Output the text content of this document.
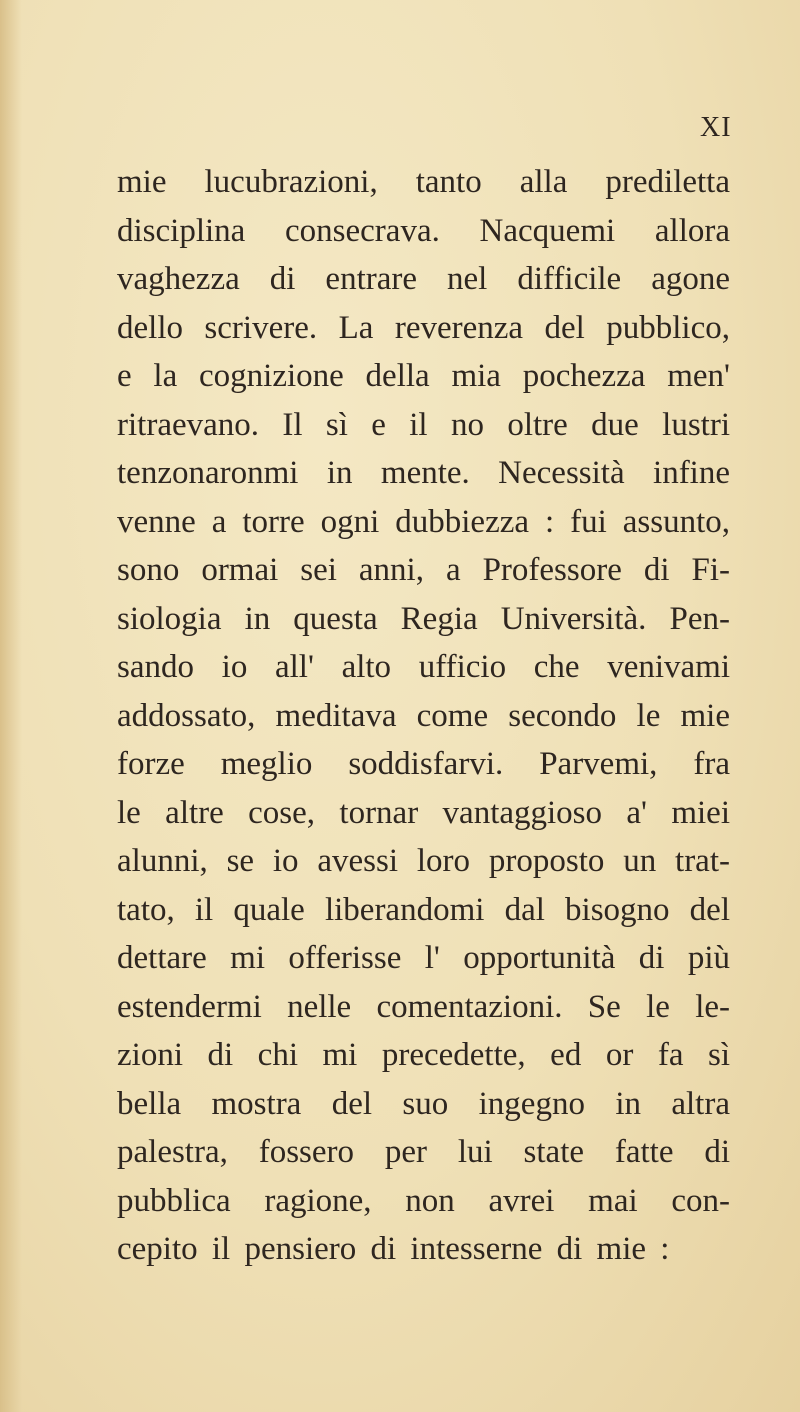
XI
mie lucubrazioni, tanto alla prediletta
disciplina consecrava. Nacquemi allora
vaghezza di entrare nel difficile agone
dello scrivere. La reverenza del pubblico,
e la cognizione della mia pochezza men'
ritraevano. Il sì e il no oltre due lustri
tenzonaronmi in mente. Necessità infine
venne a torre ogni dubbiezza : fui assunto,
sono ormai sei anni, a Professore di Fi-
siologia in questa Regia Università. Pen-
sando io all' alto ufficio che venivami
addossato, meditava come secondo le mie
forze meglio soddisfarvi. Parvemi, fra
le altre cose, tornar vantaggioso a' miei
alunni, se io avessi loro proposto un trat-
tato, il quale liberandomi dal bisogno del
dettare mi offerisse l' opportunità di più
estendermi nelle comentazioni. Se le le-
zioni di chi mi precedette, ed or fa sì
bella mostra del suo ingegno in altra
palestra, fossero per lui state fatte di
pubblica ragione, non avrei mai con-
cepito il pensiero di intesserne di mie :
